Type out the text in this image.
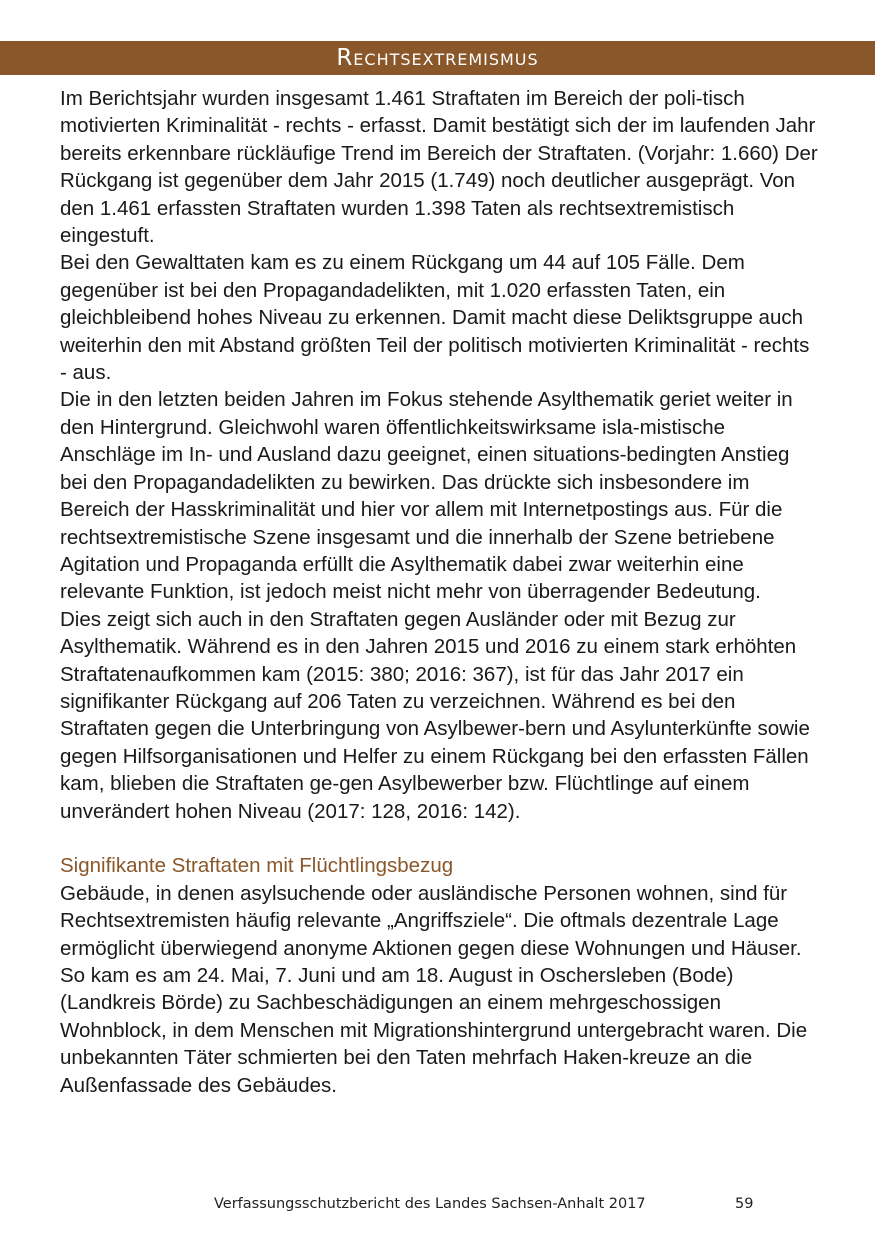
Rechtsextremismus

Im Berichtsjahr wurden insgesamt 1.461 Straftaten im Bereich der poli-tisch motivierten Kriminalität - rechts - erfasst. Damit bestätigt sich der im laufenden Jahr bereits erkennbare rückläufige Trend im Bereich der Straftaten. (Vorjahr: 1.660) Der Rückgang ist gegenüber dem Jahr 2015 (1.749) noch deutlicher ausgeprägt. Von den 1.461 erfassten Straftaten wurden 1.398 Taten als rechtsextremistisch eingestuft.

Bei den Gewalttaten kam es zu einem Rückgang um 44 auf 105 Fälle. Dem gegenüber ist bei den Propagandadelikten, mit 1.020 erfassten Taten, ein gleichbleibend hohes Niveau zu erkennen. Damit macht diese Deliktsgruppe auch weiterhin den mit Abstand größten Teil der politisch motivierten Kriminalität - rechts - aus.

Die in den letzten beiden Jahren im Fokus stehende Asylthematik geriet weiter in den Hintergrund. Gleichwohl waren öffentlichkeitswirksame isla-mistische Anschläge im In- und Ausland dazu geeignet, einen situations-bedingten Anstieg bei den Propagandadelikten zu bewirken. Das drückte sich insbesondere im Bereich der Hasskriminalität und hier vor allem mit Internetpostings aus. Für die rechtsextremistische Szene insgesamt und die innerhalb der Szene betriebene Agitation und Propaganda erfüllt die Asylthematik dabei zwar weiterhin eine relevante Funktion, ist jedoch meist nicht mehr von überragender Bedeutung.

Dies zeigt sich auch in den Straftaten gegen Ausländer oder mit Bezug zur Asylthematik. Während es in den Jahren 2015 und 2016 zu einem stark erhöhten Straftatenaufkommen kam (2015: 380; 2016: 367), ist für das Jahr 2017 ein signifikanter Rückgang auf 206 Taten zu verzeichnen. Während es bei den Straftaten gegen die Unterbringung von Asylbewer-bern und Asylunterkünfte sowie gegen Hilfsorganisationen und Helfer zu einem Rückgang bei den erfassten Fällen kam, blieben die Straftaten ge-gen Asylbewerber bzw. Flüchtlinge auf einem unverändert hohen Niveau (2017: 128, 2016: 142).

Signifikante Straftaten mit Flüchtlingsbezug

Gebäude, in denen asylsuchende oder ausländische Personen wohnen, sind für Rechtsextremisten häufig relevante „Angriffsziele“. Die oftmals dezentrale Lage ermöglicht überwiegend anonyme Aktionen gegen diese Wohnungen und Häuser.

So kam es am 24. Mai, 7. Juni und am 18. August in Oschersleben (Bode) (Landkreis Börde) zu Sachbeschädigungen an einem mehrgeschossigen Wohnblock, in dem Menschen mit Migrationshintergrund untergebracht waren. Die unbekannten Täter schmierten bei den Taten mehrfach Haken-kreuze an die Außenfassade des Gebäudes.

Verfassungsschutzbericht des Landes Sachsen-Anhalt 2017	59
